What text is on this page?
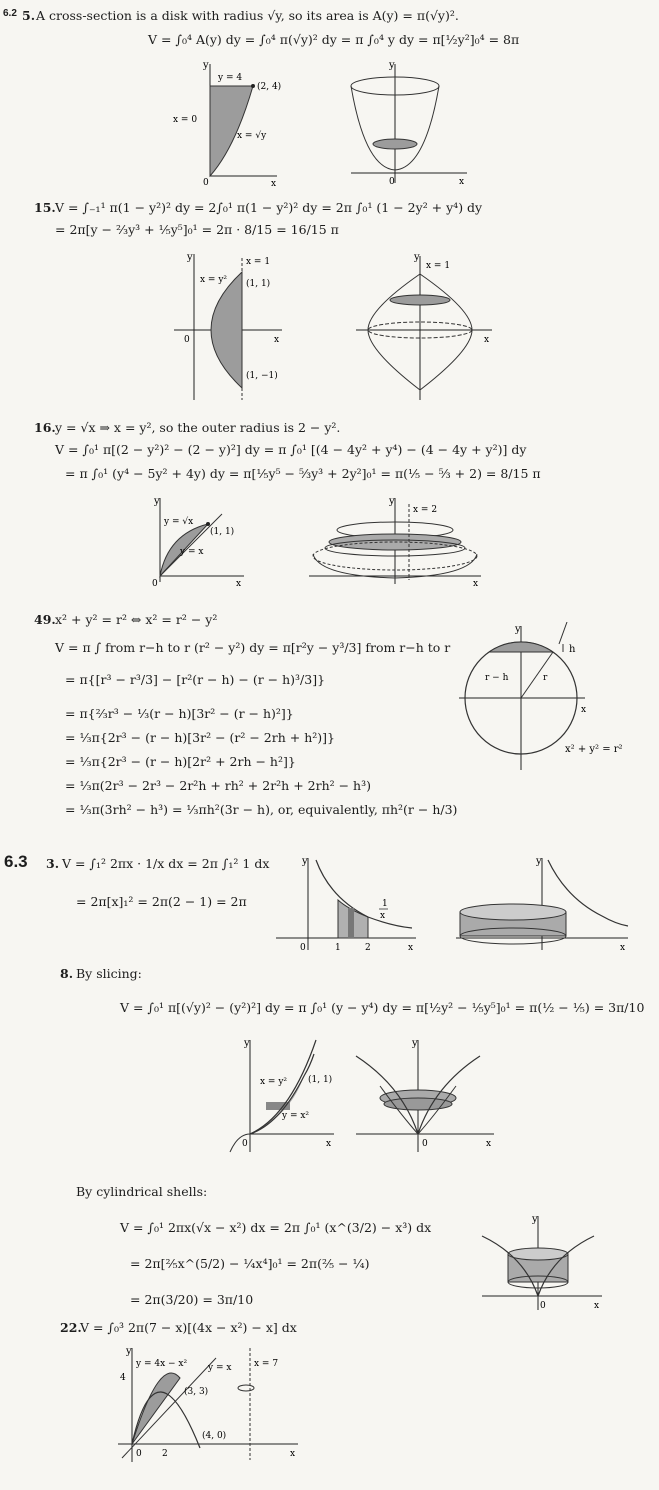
6.2 5. A cross-section is a disk with radius √y, so its area is A(y) = π(√y)².
V = ∫₀⁴ A(y) dy = ∫₀⁴ π(√y)² dy = π ∫₀⁴ y dy = π[½y²]₀⁴ = 8π
y
y = 4
(2, 4)
x = 0
x = √y
0	x
y
0	x
15. V = ∫₋₁¹ π(1 − y²)² dy = 2∫₀¹ π(1 − y²)² dy = 2π ∫₀¹ (1 − 2y² + y⁴) dy
= 2π[y − ⅔y³ + ⅕y⁵]₀¹ = 2π · 8/15 = 16/15 π
y	x = 1
x = y² (1, 1)
(1, −1)
0	x
y
x = 1
x
16. y = √x ⇒ x = y², so the outer radius is 2 − y².
V = ∫₀¹ π[(2 − y²)² − (2 − y)²] dy = π ∫₀¹ [(4 − 4y² + y⁴) − (4 − 4y + y²)] dy
= π ∫₀¹ (y⁴ − 5y² + 4y) dy = π[⅕y⁵ − ⁵⁄₃y³ + 2y²]₀¹ = π(⅕ − ⁵⁄₃ + 2) = 8/15 π
y
y = √x
(1, 1)
y = x
0	x
y
x = 2
x
49. x² + y² = r² ⇔ x² = r² − y²
V = π ∫ from r−h to r (r² − y²) dy = π[r²y − y³/3] from r−h to r
= π{[r³ − r³/3] − [r²(r − h) − (r − h)³/3]}
= π{⅔r³ − ⅓(r − h)[3r² − (r − h)²]}
= ⅓π{2r³ − (r − h)[3r² − (r² − 2rh + h²)]}
= ⅓π{2r³ − (r − h)[2r² + 2rh − h²]}
= ⅓π(2r³ − 2r³ − 2r²h + rh² + 2r²h + 2rh² − h³)
= ⅓π(3rh² − h³) = ⅓πh²(3r − h), or, equivalently, πh²(r − h/3)
y
h
r − h	r
x
x² + y² = r²
6.3 3. V = ∫₁² 2πx · 1/x dx = 2π ∫₁² 1 dx
= 2π[x]₁² = 2π(2 − 1) = 2π
y
0	1	2
1
x
x
y
x
8. By slicing:
V = ∫₀¹ π[(√y)² − (y²)²] dy = π ∫₀¹ (y − y⁴) dy = π[½y² − ⅕y⁵]₀¹ = π(½ − ⅕) = 3π/10
y
x = y² (1, 1)
y = x²
0	x
y
0	x
By cylindrical shells:
V = ∫₀¹ 2πx(√x − x²) dx = 2π ∫₀¹ (x^(3/2) − x³) dx
= 2π[⅖x^(5/2) − ¼x⁴]₀¹ = 2π(⅖ − ¼)
= 2π(3/20) = 3π/10
y
0	x
22.
V = ∫₀³ 2π(7 − x)[(4x − x²) − x] dx
y
y = 4x − x² y = x	x = 7
(3, 3)
(4, 0)
4
0 2	x
